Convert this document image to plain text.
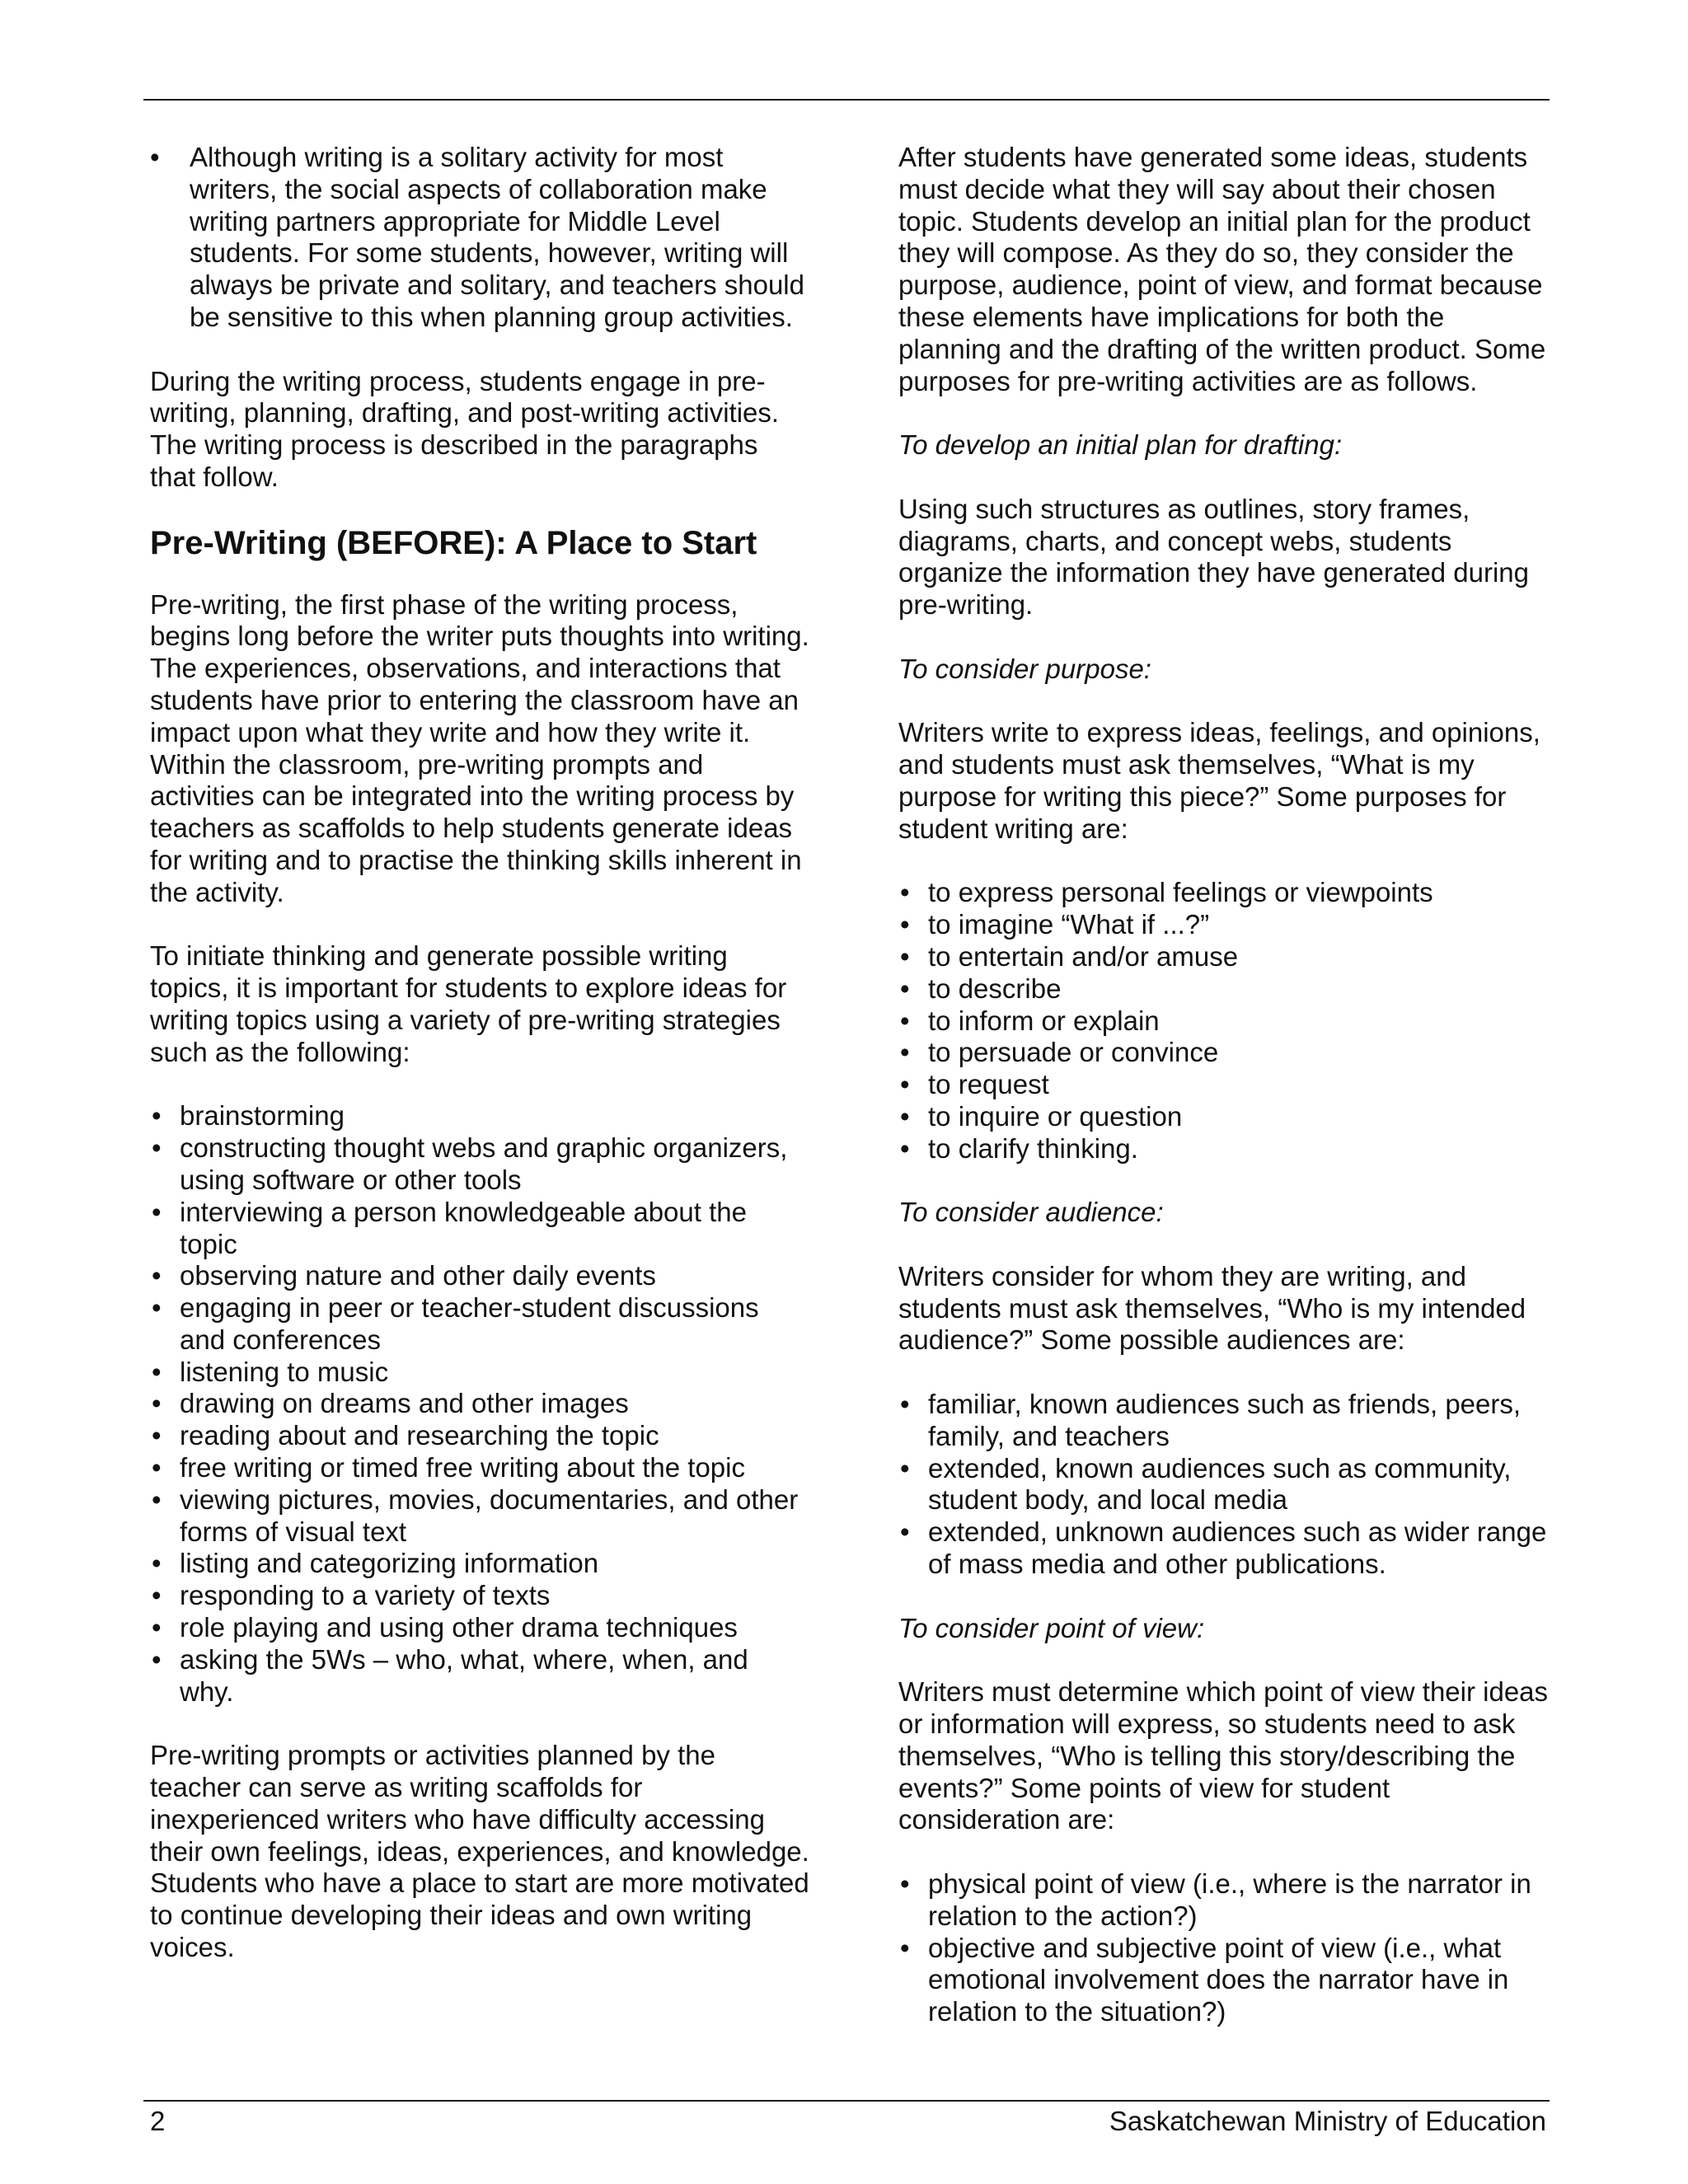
• Although writing is a solitary activity for most writers, the social aspects of collaboration make writing partners appropriate for Middle Level students. For some students, however, writing will always be private and solitary, and teachers should be sensitive to this when planning group activities.

During the writing process, students engage in pre-writing, planning, drafting, and post-writing activities. The writing process is described in the paragraphs that follow.

Pre-Writing (BEFORE): A Place to Start

Pre-writing, the first phase of the writing process, begins long before the writer puts thoughts into writing. The experiences, observations, and interactions that students have prior to entering the classroom have an impact upon what they write and how they write it. Within the classroom, pre-writing prompts and activities can be integrated into the writing process by teachers as scaffolds to help students generate ideas for writing and to practise the thinking skills inherent in the activity.

To initiate thinking and generate possible writing topics, it is important for students to explore ideas for writing topics using a variety of pre-writing strategies such as the following:

• brainstorming
• constructing thought webs and graphic organizers, using software or other tools
• interviewing a person knowledgeable about the topic
• observing nature and other daily events
• engaging in peer or teacher-student discussions and conferences
• listening to music
• drawing on dreams and other images
• reading about and researching the topic
• free writing or timed free writing about the topic
• viewing pictures, movies, documentaries, and other forms of visual text
• listing and categorizing information
• responding to a variety of texts
• role playing and using other drama techniques
• asking the 5Ws – who, what, where, when, and why.

Pre-writing prompts or activities planned by the teacher can serve as writing scaffolds for inexperienced writers who have difficulty accessing their own feelings, ideas, experiences, and knowledge. Students who have a place to start are more motivated to continue developing their ideas and own writing voices.

After students have generated some ideas, students must decide what they will say about their chosen topic. Students develop an initial plan for the product they will compose. As they do so, they consider the purpose, audience, point of view, and format because these elements have implications for both the planning and the drafting of the written product. Some purposes for pre-writing activities are as follows.

To develop an initial plan for drafting:

Using such structures as outlines, story frames, diagrams, charts, and concept webs, students organize the information they have generated during pre-writing.

To consider purpose:

Writers write to express ideas, feelings, and opinions, and students must ask themselves, “What is my purpose for writing this piece?” Some purposes for student writing are:

• to express personal feelings or viewpoints
• to imagine “What if ...?”
• to entertain and/or amuse
• to describe
• to inform or explain
• to persuade or convince
• to request
• to inquire or question
• to clarify thinking.

To consider audience:

Writers consider for whom they are writing, and students must ask themselves, “Who is my intended audience?” Some possible audiences are:

• familiar, known audiences such as friends, peers, family, and teachers
• extended, known audiences such as community, student body, and local media
• extended, unknown audiences such as wider range of mass media and other publications.

To consider point of view:

Writers must determine which point of view their ideas or information will express, so students need to ask themselves, “Who is telling this story/describing the events?” Some points of view for student consideration are:

• physical point of view (i.e., where is the narrator in relation to the action?)
• objective and subjective point of view (i.e., what emotional involvement does the narrator have in relation to the situation?)
2	Saskatchewan Ministry of Education
